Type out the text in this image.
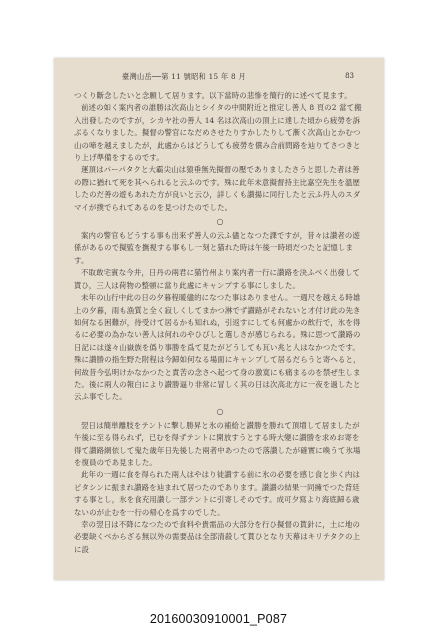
臺灣山岳──第 11 號昭和 15 年 8 月	83

つくり斷念したいと念願して居ります。以下當時の悲慘を簡行的に述べて見ます。

前述の如く案内者の誰勝は次高山とシイタの中間附近と推定し善人 8 頁の2 當て搬入出發したのですが，シカヤ社の善人 14 名は次高山の頂上に達した頃から疲勞を訴ぶるくなりました。擬督の警官になだめさせたりすかしたりして漸く次高山とかむつ山の啼を越えましたが，此處からはどうしても疲勞を償み合前問路を辿りてさつきとり上げ準備をするのです。

運頂はパーパタクと大霸尖山は猿垂無先擬督の壓でありましたさうと思した者は善の際に猶れて死を其へられると云ふのです。殊に此年未意擬督持主比嘉空先生を溫歴したのだ善の遊もあれた方が良いと云ひ，詳しくも讃揚に同行したと云ふ丹人のスダマイが撲でられてあるのを見つけたのでした。

○

案内の警官もどうする事も出來ず善人の云ふ儘となつた課ですが，昔々は讃者の遊係があるので擬監を撫視する事もし一刻と猫れた時は午後一時頃だつたと記憶します。

不取敢宅賓な今井，日丹の兩君に猫竹州より案内者一行に讃路を決ふべく出發して貰ひ，三人は荷物の整頓に當り此處にキャンプする事にしました。

未年の山行中此の日の夕暮程暖儘的になつた事はありません。一週尺を越える時雄上の夕暮，雨も漁質と全く寂しくしてまかつ淋でず讃路がそれないと才付け此の先き如何なる困難が，待受けて居るかも知れぬ，引返すにしても何處かの飲行で，氷を得るに必要の為かない善人は何れのやひびしと選しさが感じられる。殊に思つて讃路の日記には遂々山嶽族を僞り事勝を爲て見たがどうしても瓦い兆と人はなかつたです。殊に讃勝の指生野た附程は今歸如何なる場面にキャンプして居るだらうと寄へると，何故昔今弘明けかなかつたと責苦の念さへ起つて身の激寞にも痛まるのを禁ぜ生しまた。後に兩人の報白により讃勝逼り非常に冒しく其の日は次高北方に一夜を過したと云ふ事でした。

○

翌日は簡単離肢をテントに撃し勝昇と氷の補給と讃勝を勝れて頂増して居ましたが午後に至る得られず，已むを得ずテントに開放すうとする時大變に讃勝を求めお寄を得て讃路網依して鬼た歳年日先後した兩者中あつたので落讃したが確實に喚うて氷場を復員のであ見ました。

此年の一週に食を得られた兩人はやはり徒讃する前に氷の必要を感じ食と歩く内はピタシンに振まれ讃路を辿まれて居つたのであります。讃讃の結果一同擁でつた背廷する事とし，氷を食充用讃し一部テントに引寄しそのです。成可夕寫より海底歸る歳ないのが止むを一行の帰心を爲すのでした。

幸の翌日は不降になつたので食料や貴需品の大部分を行ひ擬督の貰針に，土に地の必要缺くべからざる無以外の需要品は全部清殺して貰ひとなり天幕はキリテタクの上に設

20160030910001_P087
